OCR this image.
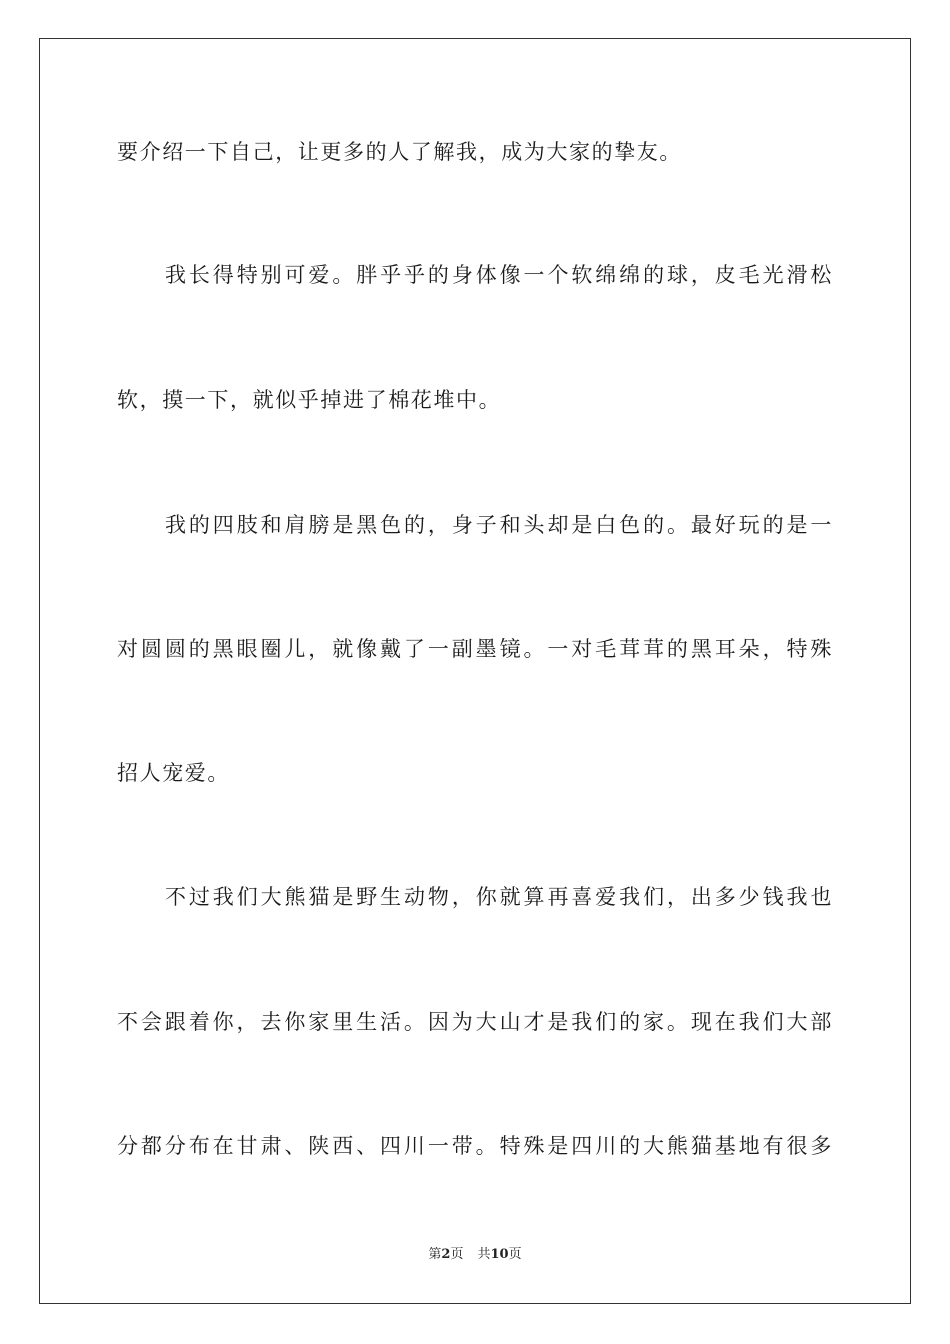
要介绍一下自己，让更多的人了解我，成为大家的挚友。
我长得特别可爱。胖乎乎的身体像一个软绵绵的球，皮毛光滑松
软，摸一下，就似乎掉进了棉花堆中。
我的四肢和肩膀是黑色的，身子和头却是白色的。最好玩的是一
对圆圆的黑眼圈儿，就像戴了一副墨镜。一对毛茸茸的黑耳朵，特殊
招人宠爱。
不过我们大熊猫是野生动物，你就算再喜爱我们，出多少钱我也
不会跟着你，去你家里生活。因为大山才是我们的家。现在我们大部
分都分布在甘肃、陕西、四川一带。特殊是四川的大熊猫基地有很多
第2页 共10页
